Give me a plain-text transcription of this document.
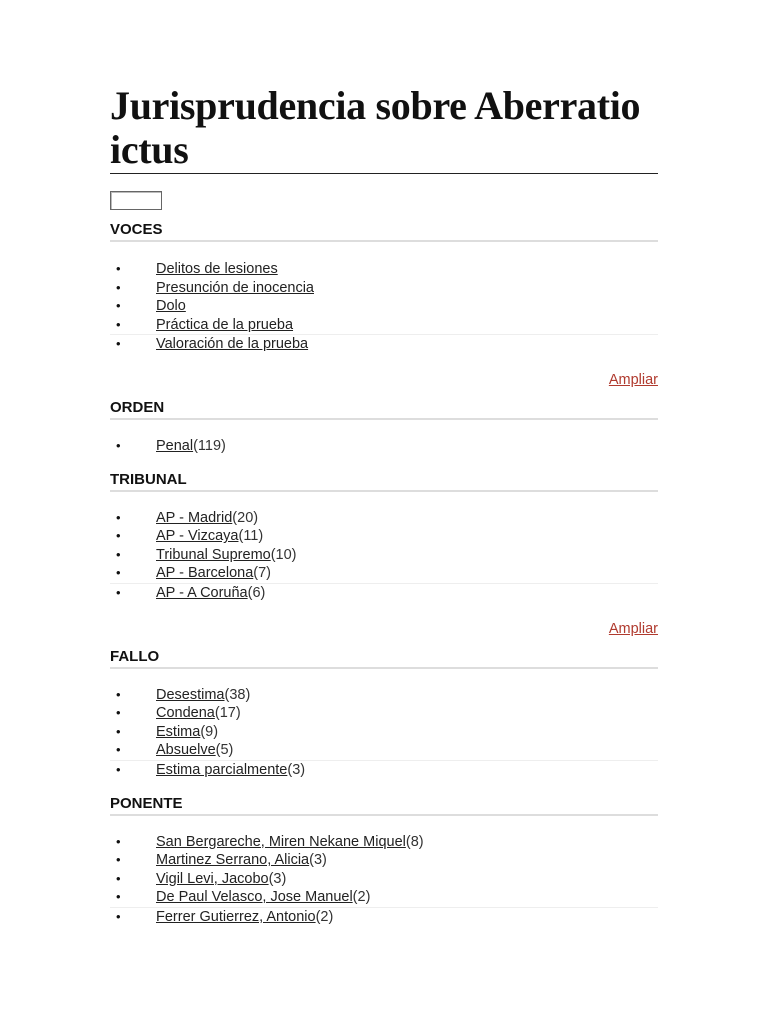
Jurisprudencia sobre Aberratio ictus
VOCES
• Delitos de lesiones
• Presunción de inocencia
• Dolo
• Práctica de la prueba
• Valoración de la prueba
Ampliar
ORDEN
• Penal(119)
TRIBUNAL
• AP - Madrid(20)
• AP - Vizcaya(11)
• Tribunal Supremo(10)
• AP - Barcelona(7)
• AP - A Coruña(6)
Ampliar
FALLO
• Desestima(38)
• Condena(17)
• Estima(9)
• Absuelve(5)
• Estima parcialmente(3)
PONENTE
• San Bergareche, Miren Nekane Miquel(8)
• Martinez Serrano, Alicia(3)
• Vigil Levi, Jacobo(3)
• De Paul Velasco, Jose Manuel(2)
• Ferrer Gutierrez, Antonio(2)
